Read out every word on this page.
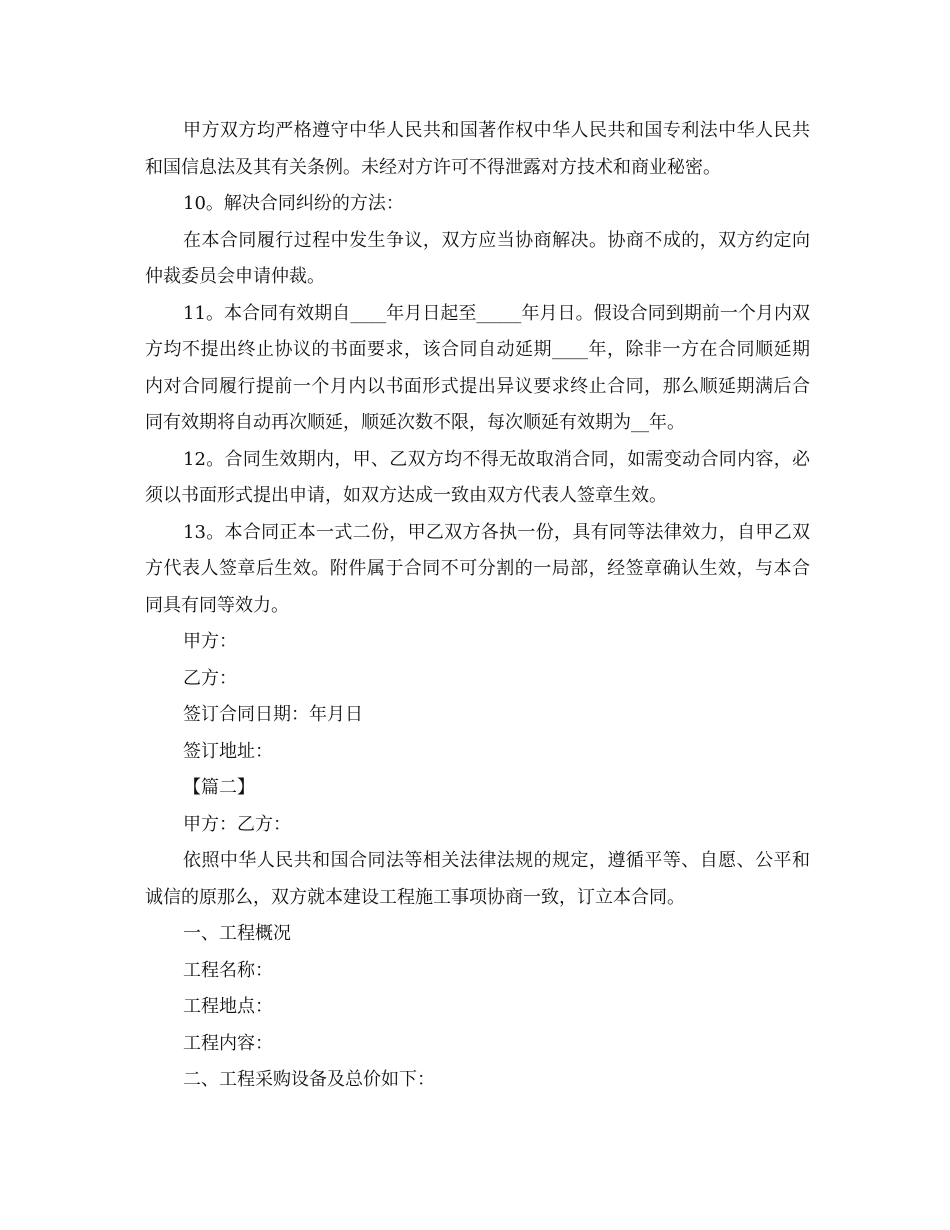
甲方双方均严格遵守中华人民共和国著作权中华人民共和国专利法中华人民共和国信息法及其有关条例。未经对方许可不得泄露对方技术和商业秘密。

10。解决合同纠纷的方法：

在本合同履行过程中发生争议，双方应当协商解决。协商不成的，双方约定向仲裁委员会申请仲裁。

11。本合同有效期自____年月日起至_____年月日。假设合同到期前一个月内双方均不提出终止协议的书面要求，该合同自动延期____年，除非一方在合同顺延期内对合同履行提前一个月内以书面形式提出异议要求终止合同，那么顺延期满后合同有效期将自动再次顺延，顺延次数不限，每次顺延有效期为__年。

12。合同生效期内，甲、乙双方均不得无故取消合同，如需变动合同内容，必须以书面形式提出申请，如双方达成一致由双方代表人签章生效。

13。本合同正本一式二份，甲乙双方各执一份，具有同等法律效力，自甲乙双方代表人签章后生效。附件属于合同不可分割的一局部，经签章确认生效，与本合同具有同等效力。

甲方：

乙方：

签订合同日期：年月日

签订地址：

【篇二】

甲方：乙方：

依照中华人民共和国合同法等相关法律法规的规定，遵循平等、自愿、公平和诚信的原那么，双方就本建设工程施工事项协商一致，订立本合同。

一、工程概况

工程名称：

工程地点：

工程内容：

二、工程采购设备及总价如下：
